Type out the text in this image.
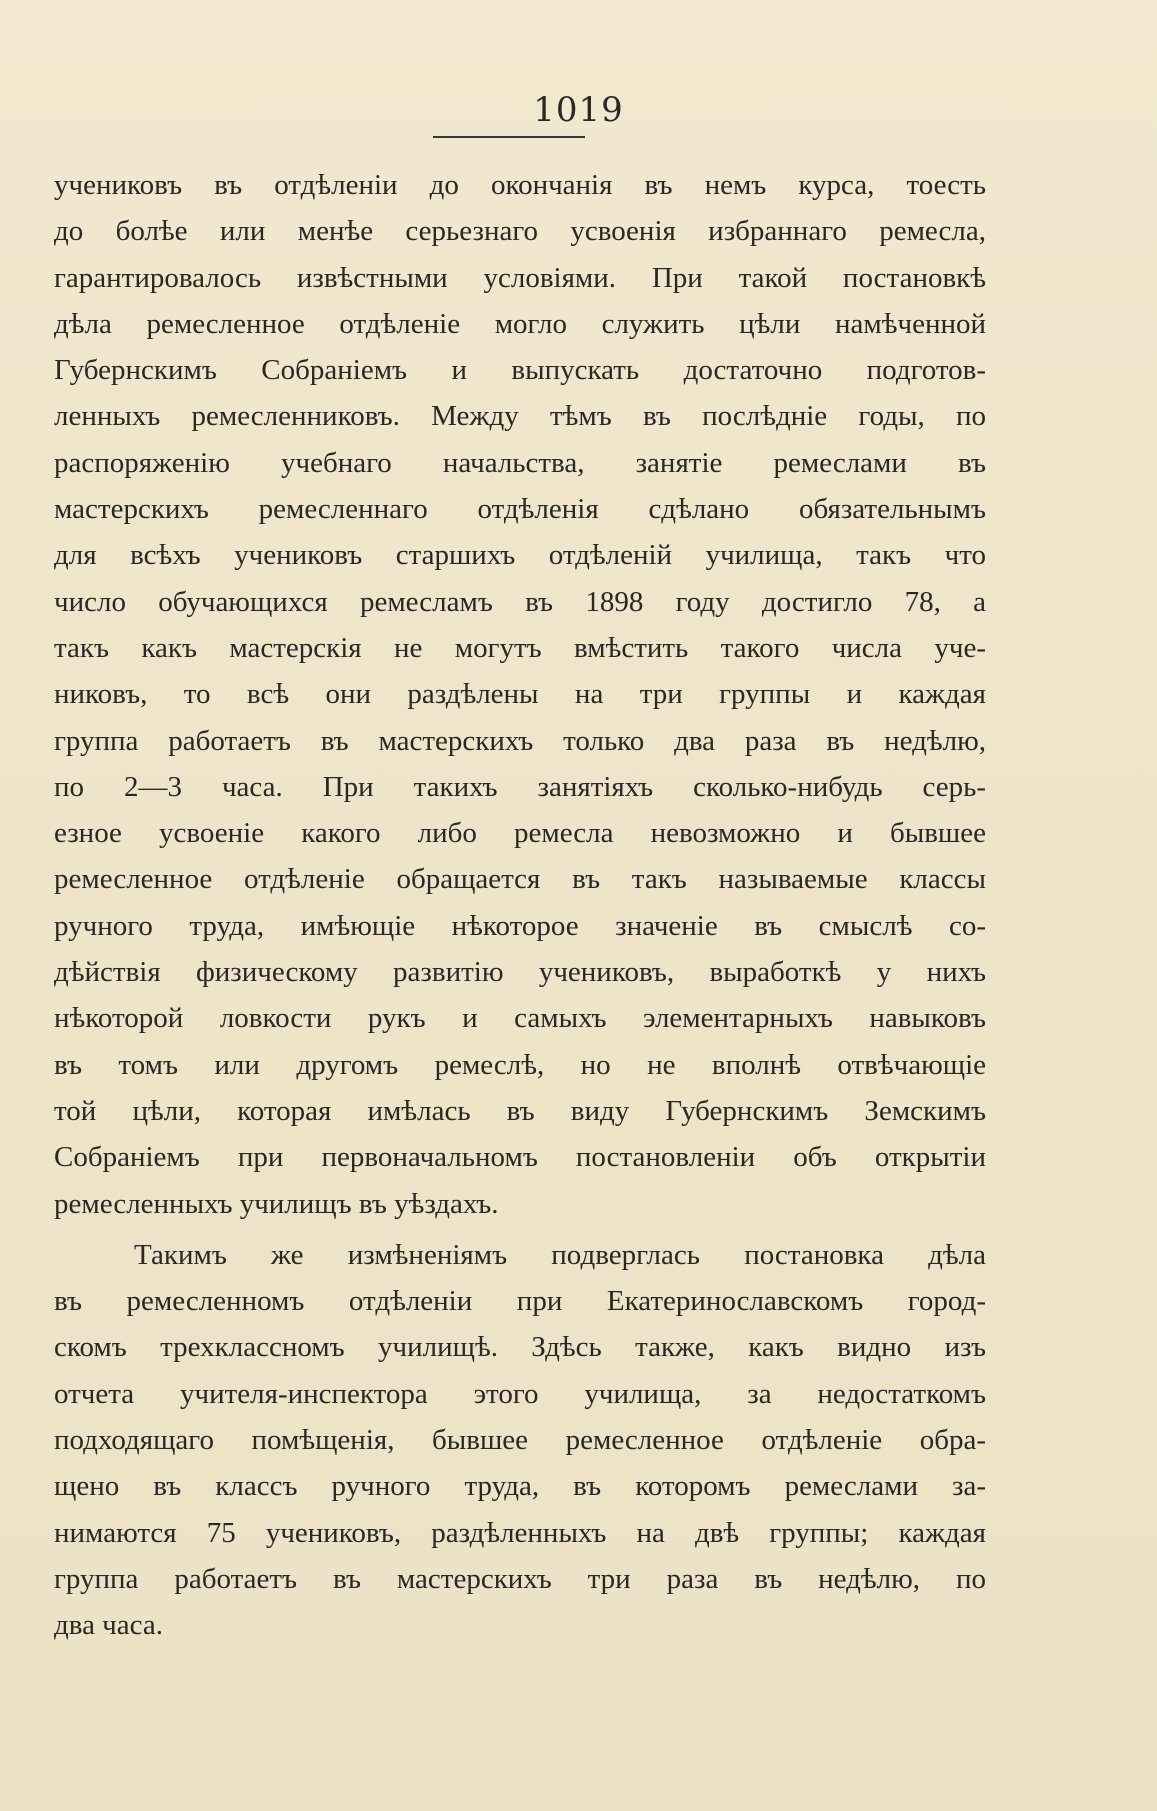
1019
учениковъ въ отдѣленіи до окончанія въ немъ курса, тоесть
до болѣе или менѣе серьезнаго усвоенія избраннаго ремесла,
гарантировалось извѣстными условіями. При такой постановкѣ
дѣла ремесленное отдѣленіе могло служить цѣли намѣченной
Губернскимъ Собраніемъ и выпускать достаточно подготов-
ленныхъ ремесленниковъ. Между тѣмъ въ послѣдніе годы, по
распоряженію учебнаго начальства, занятіе ремеслами въ
мастерскихъ ремесленнаго отдѣленія сдѣлано обязательнымъ
для всѣхъ учениковъ старшихъ отдѣленій училища, такъ что
число обучающихся ремесламъ въ 1898 году достигло 78, а
такъ какъ мастерскія не могутъ вмѣстить такого числа уче-
никовъ, то всѣ они раздѣлены на три группы и каждая
группа работаетъ въ мастерскихъ только два раза въ недѣлю,
по 2—3 часа. При такихъ занятіяхъ сколько-нибудь серь-
езное усвоеніе какого либо ремесла невозможно и бывшее
ремесленное отдѣленіе обращается въ такъ называемые классы
ручного труда, имѣющіе нѣкоторое значеніе въ смыслѣ со-
дѣйствія физическому развитію учениковъ, выработкѣ у нихъ
нѣкоторой ловкости рукъ и самыхъ элементарныхъ навыковъ
въ томъ или другомъ ремеслѣ, но не вполнѣ отвѣчающіе
той цѣли, которая имѣлась въ виду Губернскимъ Земскимъ
Собраніемъ при первоначальномъ постановленіи объ открытіи
ремесленныхъ училищъ въ уѣздахъ.
Такимъ же измѣненіямъ подверглась постановка дѣла
въ ремесленномъ отдѣленіи при Екатеринославскомъ город-
скомъ трехклассномъ училищѣ. Здѣсь также, какъ видно изъ
отчета учителя-инспектора этого училища, за недостаткомъ
подходящаго помѣщенія, бывшее ремесленное отдѣленіе обра-
щено въ классъ ручного труда, въ которомъ ремеслами за-
нимаются 75 учениковъ, раздѣленныхъ на двѣ группы; каждая
группа работаетъ въ мастерскихъ три раза въ недѣлю, по
два часа.
